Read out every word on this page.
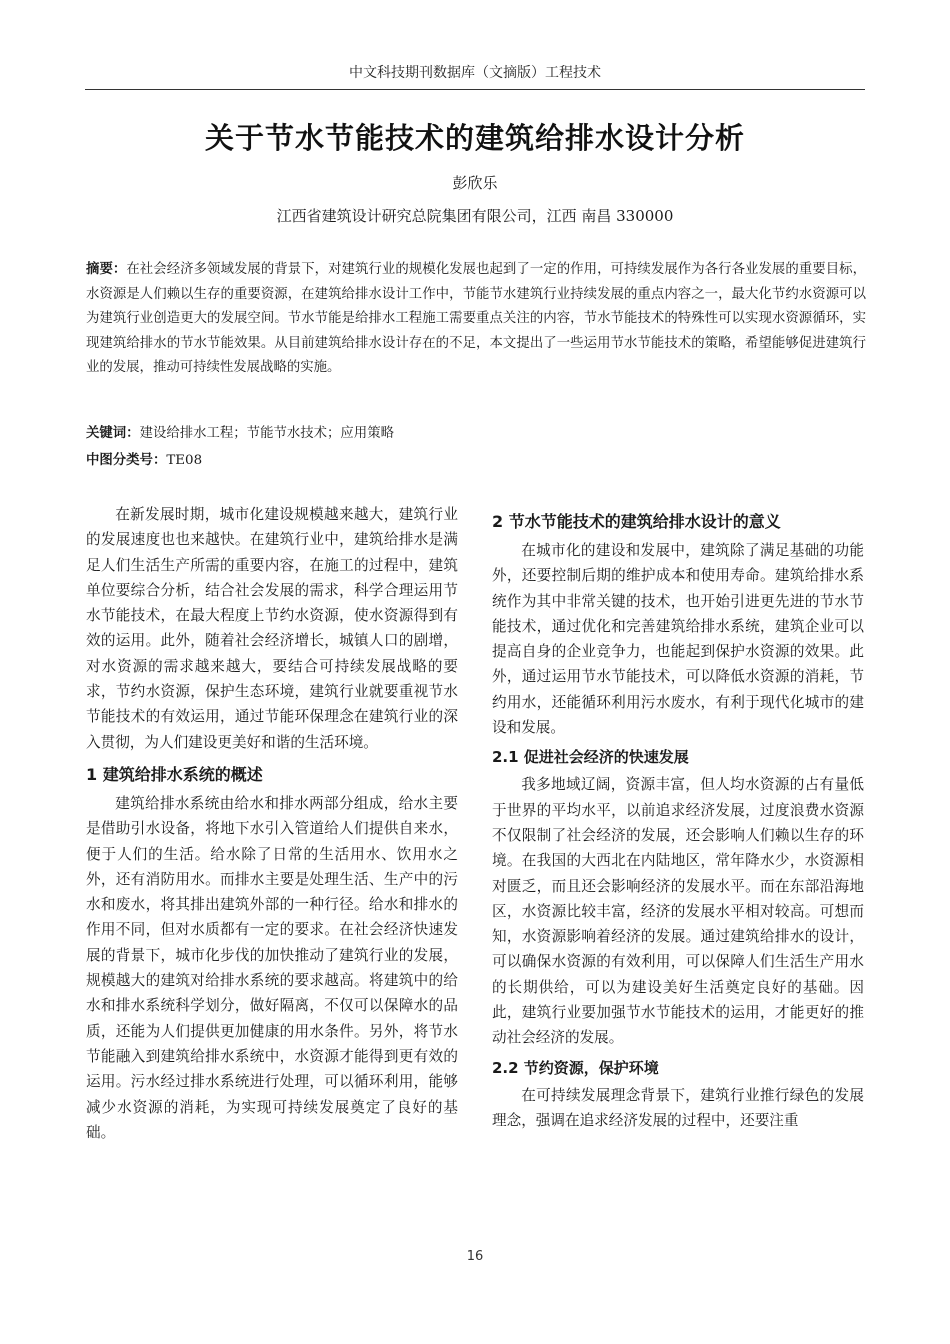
中文科技期刊数据库（文摘版）工程技术
关于节水节能技术的建筑给排水设计分析
彭欣乐
江西省建筑设计研究总院集团有限公司，江西 南昌 330000
摘要：在社会经济多领域发展的背景下，对建筑行业的规模化发展也起到了一定的作用，可持续发展作为各行各业发展的重要目标，水资源是人们赖以生存的重要资源，在建筑给排水设计工作中，节能节水建筑行业持续发展的重点内容之一，最大化节约水资源可以为建筑行业创造更大的发展空间。节水节能是给排水工程施工需要重点关注的内容，节水节能技术的特殊性可以实现水资源循环，实现建筑给排水的节水节能效果。从目前建筑给排水设计存在的不足，本文提出了一些运用节水节能技术的策略，希望能够促进建筑行业的发展，推动可持续性发展战略的实施。
关键词：建设给排水工程；节能节水技术；应用策略
中图分类号：TE08

在新发展时期，城市化建设规模越来越大，建筑行业的发展速度也也来越快。在建筑行业中，建筑给排水是满足人们生活生产所需的重要内容，在施工的过程中，建筑单位要综合分析，结合社会发展的需求，科学合理运用节水节能技术，在最大程度上节约水资源，使水资源得到有效的运用。此外，随着社会经济增长，城镇人口的剧增，对水资源的需求越来越大，要结合可持续发展战略的要求，节约水资源，保护生态环境，建筑行业就要重视节水节能技术的有效运用，通过节能环保理念在建筑行业的深入贯彻，为人们建设更美好和谐的生活环境。

1 建筑给排水系统的概述

建筑给排水系统由给水和排水两部分组成，给水主要是借助引水设备，将地下水引入管道给人们提供自来水，便于人们的生活。给水除了日常的生活用水、饮用水之外，还有消防用水。而排水主要是处理生活、生产中的污水和废水，将其排出建筑外部的一种行径。给水和排水的作用不同，但对水质都有一定的要求。在社会经济快速发展的背景下，城市化步伐的加快推动了建筑行业的发展，规模越大的建筑对给排水系统的要求越高。将建筑中的给水和排水系统科学划分，做好隔离，不仅可以保障水的品质，还能为人们提供更加健康的用水条件。另外，将节水节能融入到建筑给排水系统中，水资源才能得到更有效的运用。污水经过排水系统进行处理，可以循环利用，能够减少水资源的消耗，为实现可持续发展奠定了良好的基础。

2 节水节能技术的建筑给排水设计的意义

在城市化的建设和发展中，建筑除了满足基础的功能外，还要控制后期的维护成本和使用寿命。建筑给排水系统作为其中非常关键的技术，也开始引进更先进的节水节能技术，通过优化和完善建筑给排水系统，建筑企业可以提高自身的企业竞争力，也能起到保护水资源的效果。此外，通过运用节水节能技术，可以降低水资源的消耗，节约用水，还能循环利用污水废水，有利于现代化城市的建设和发展。

2.1 促进社会经济的快速发展

我多地域辽阔，资源丰富，但人均水资源的占有量低于世界的平均水平，以前追求经济发展，过度浪费水资源不仅限制了社会经济的发展，还会影响人们赖以生存的环境。在我国的大西北在内陆地区，常年降水少，水资源相对匮乏，而且还会影响经济的发展水平。而在东部沿海地区，水资源比较丰富，经济的发展水平相对较高。可想而知，水资源影响着经济的发展。通过建筑给排水的设计，可以确保水资源的有效利用，可以保障人们生活生产用水的长期供给，可以为建设美好生活奠定良好的基础。因此，建筑行业要加强节水节能技术的运用，才能更好的推动社会经济的发展。

2.2 节约资源，保护环境

在可持续发展理念背景下，建筑行业推行绿色的发展理念，强调在追求经济发展的过程中，还要注重

16
